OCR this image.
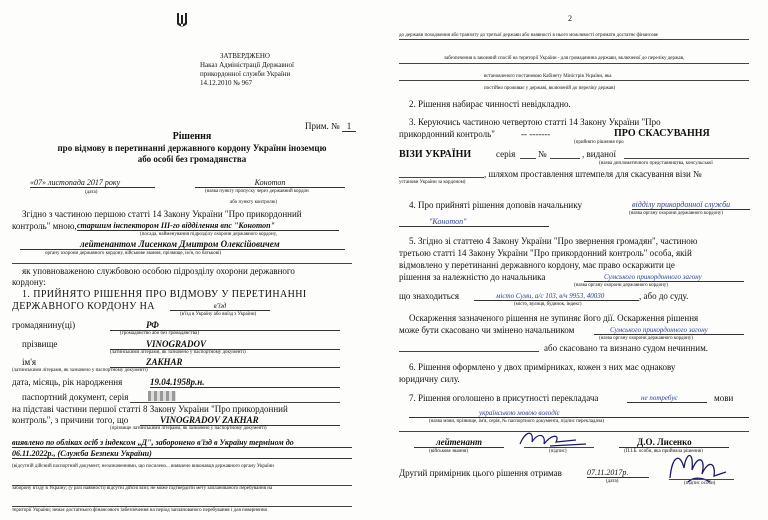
ЗАТВЕРДЖЕНО
Наказ Адміністрації Державної
прикордонної служби України
14.12.2010 № 967
Прим. № 1
Рішення
про відмову в перетинанні державного кордону України іноземцю
або особі без громадянства
«07» листопада 2017 року
(дата)
Конотоп
(назва пункту пропуску через державний кордон
або пункту контролю)
Згідно з частиною першою статті 14 Закону України "Про прикордонний
контроль" мною, старшим інспектором ІІІ-го відділення впс "Конотоп"
(посада, найменування підрозділу охорони державного кордону,
лейтенантом Лисенком Дмитром Олексійовичем
органу охорони державного кордону, військове звання, прізвище, ім'я, по батькові)
як уповноваженою службовою особою підрозділу охорони державного
кордону:
1. ПРИЙНЯТО РІШЕННЯ ПРО ВІДМОВУ У ПЕРЕТИНАННІ
ДЕРЖАВНОГО КОРДОНУ НА	в'їзд
(в'їзд в Україну або виїзд з України)
громадянину(ці)	РФ
(громадянство або без громадянства)
прізвище	VINOGRADOV
(латинськими літерами, як зазначено у паспортному документі)
ім'я	ZAKHAR
(латинськими літерами, як зазначено у паспортному документі)
дата, місяць, рік народження	19.04.1958р.н.
паспортний документ, серія
на підставі частини першої статті 8 Закону України "Про прикордонний
контроль", з причини того, що	VINOGRADOV ZAKHAR
(прізвище латинськими літерами, як зазначено у паспортному документі)
виявлено по обліках осіб з індексом „Д", заборонено в'їзд в Україну терміном до
06.11.2022р., (Служба Безпеки України)
(відсутній дійсний паспортний документ; незазначеннями, що посилено... виявлено виконавця державного органу України
заборону в'їзду в Україну; (у разі наявності) відсутні дійсні візи; не може підтвердити мету запланованого перебування на
території України; немає достатнього фінансового забезпечення на період запланованого перебування і для повернення
2
до держави походження або транзиту до третьої держави або наявності в нього можливості отримати достатнє фінансове
забезпечення в законний спосіб на території України - для громадянина держави, включеної до переліку держав,
встановленого постановою Кабінету Міністрів України, яка
постійно проживає у державі, включеній до переліку держав)
2. Рішення набирає чинності невідкладно.
3. Керуючись частиною четвертою статті 14 Закону України "Про
прикордонний контроль"	-- -------	ПРО СКАСУВАННЯ
(прийнято рішення про
ВІЗИ УКРАЇНИ	серія	№	, виданої
(назва дипломатичного представництва, консульської
, шляхом проставлення штемпеля для скасування візи №
установи України за кордоном)
4. Про прийняті рішення доповів начальнику	відділу прикордонної служби
(назва органу охорони державного кордону)
"Конотоп"
5. Згідно зі статтею 4 Закону України "Про звернення громадян", частиною
третьою статті 14 Закону України "Про прикордонний контроль" особа, якій
відмовлено у перетинанні державного кордону, має право оскаржити це
рішення за належністю до начальника	Сумського прикордонного загону
(назва органу охорони державного кордону)
що знаходиться	місто Суми, а/с 103, в/ч 9953, 40030	, або до суду.
(місто, вулиця, будинок, індекс)
Оскарження зазначеного рішення не зупиняє його дії. Оскарження рішення
може бути скасовано чи змінено начальником	Сумського прикордонного загону
(назва органу охорони державного кордону)
або скасовано та визнано судом нечинним.
6. Рішення оформлено у двох примірниках, кожен з них має однакову
юридичну силу.
7. Рішення оголошено в присутності перекладача	не потребує	мови
українською мовою володіє
(назва мови, прізвище, ім'я, серія, № паспортного документа, підпис перекладача)
лейтенант
(військове звання)	(підпис)
Д.О. Лисенко
(П.І.Б. особи, яка прийняла рішення)
Другий примірник цього рішення отримав	07.11.2017р.
(дата)	(підпис особи)
